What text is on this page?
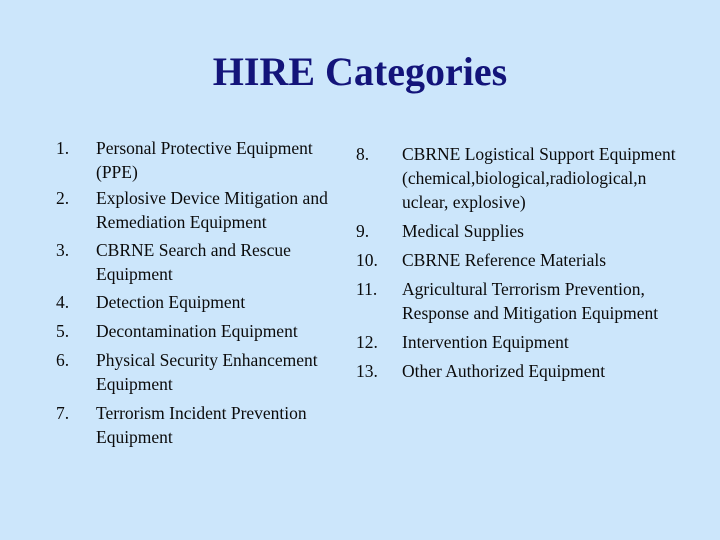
HIRE Categories
1.	Personal Protective Equipment (PPE)
2.	Explosive Device Mitigation and Remediation Equipment
3.	CBRNE Search and Rescue Equipment
4.	Detection Equipment
5.	Decontamination Equipment
6.	Physical Security Enhancement Equipment
7.	Terrorism Incident Prevention Equipment
8.	CBRNE Logistical Support Equipment (chemical,biological,radiological,n uclear, explosive)
9.	Medical Supplies
10.	CBRNE Reference Materials
11.	Agricultural Terrorism Prevention, Response and Mitigation Equipment
12.	Intervention Equipment
13.	Other Authorized Equipment
